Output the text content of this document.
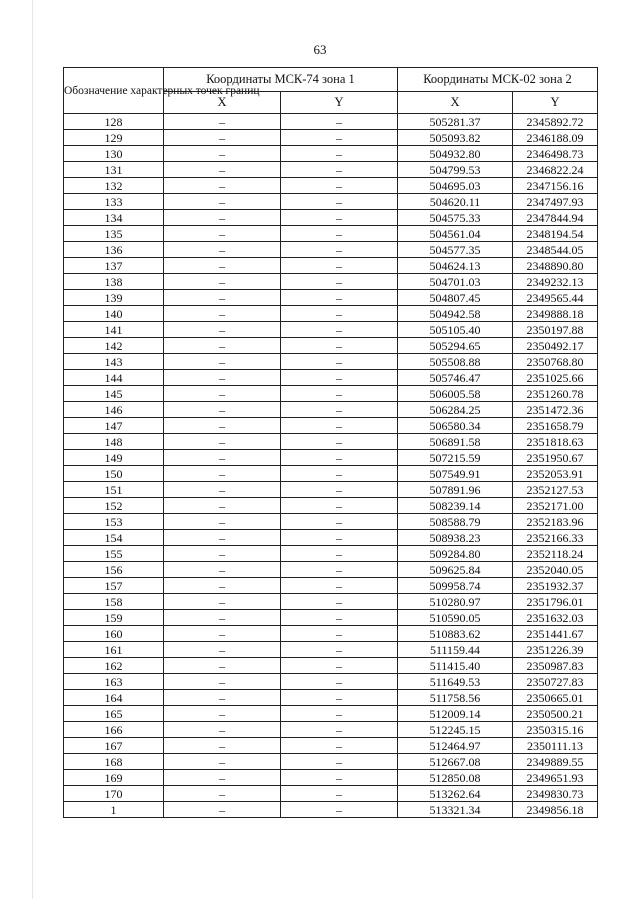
63
Обозначение характерных точек границ	Координаты МСК-74 зона 1		Координаты МСК-02 зона 2	
	X	Y	X	Y
128	–	–	505281.37	2345892.72
129	–	–	505093.82	2346188.09
130	–	–	504932.80	2346498.73
131	–	–	504799.53	2346822.24
132	–	–	504695.03	2347156.16
133	–	–	504620.11	2347497.93
134	–	–	504575.33	2347844.94
135	–	–	504561.04	2348194.54
136	–	–	504577.35	2348544.05
137	–	–	504624.13	2348890.80
138	–	–	504701.03	2349232.13
139	–	–	504807.45	2349565.44
140	–	–	504942.58	2349888.18
141	–	–	505105.40	2350197.88
142	–	–	505294.65	2350492.17
143	–	–	505508.88	2350768.80
144	–	–	505746.47	2351025.66
145	–	–	506005.58	2351260.78
146	–	–	506284.25	2351472.36
147	–	–	506580.34	2351658.79
148	–	–	506891.58	2351818.63
149	–	–	507215.59	2351950.67
150	–	–	507549.91	2352053.91
151	–	–	507891.96	2352127.53
152	–	–	508239.14	2352171.00
153	–	–	508588.79	2352183.96
154	–	–	508938.23	2352166.33
155	–	–	509284.80	2352118.24
156	–	–	509625.84	2352040.05
157	–	–	509958.74	2351932.37
158	–	–	510280.97	2351796.01
159	–	–	510590.05	2351632.03
160	–	–	510883.62	2351441.67
161	–	–	511159.44	2351226.39
162	–	–	511415.40	2350987.83
163	–	–	511649.53	2350727.83
164	–	–	511758.56	2350665.01
165	–	–	512009.14	2350500.21
166	–	–	512245.15	2350315.16
167	–	–	512464.97	2350111.13
168	–	–	512667.08	2349889.55
169	–	–	512850.08	2349651.93
170	–	–	513262.64	2349830.73
1	–	–	513321.34	2349856.18
